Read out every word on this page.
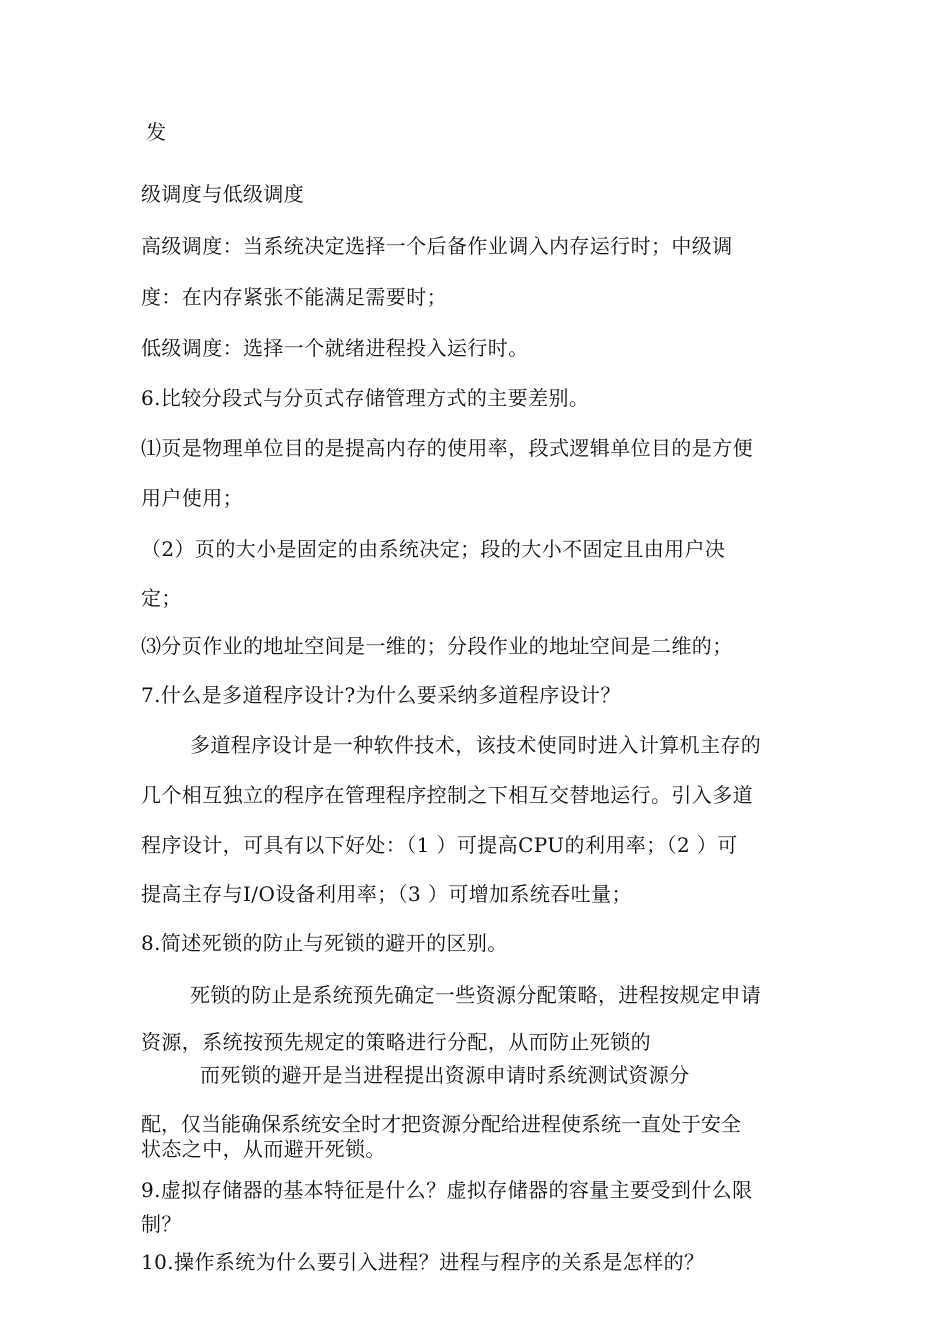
发
级调度与低级调度
高级调度：当系统决定选择一个后备作业调入内存运行时；中级调
度：在内存紧张不能满足需要时；
低级调度：选择一个就绪进程投入运行时。
6.比较分段式与分页式存储管理方式的主要差别。
⑴页是物理单位目的是提高内存的使用率，段式逻辑单位目的是方便
用户使用；
（2）页的大小是固定的由系统决定；段的大小不固定且由用户决
定；
⑶分页作业的地址空间是一维的；分段作业的地址空间是二维的；
7.什么是多道程序设计?为什么要采纳多道程序设计？
多道程序设计是一种软件技术，该技术使同时进入计算机主存的
几个相互独立的程序在管理程序控制之下相互交替地运行。引入多道
程序设计，可具有以下好处：（1 ）可提高CPU的利用率；（2 ）可
提高主存与I/O设备利用率；（3 ）可增加系统吞吐量；
8.简述死锁的防止与死锁的避开的区别。
死锁的防止是系统预先确定一些资源分配策略，进程按规定申请
资源，系统按预先规定的策略进行分配，从而防止死锁的
而死锁的避开是当进程提出资源申请时系统测试资源分
配，仅当能确保系统安全时才把资源分配给进程使系统一直处于安全
状态之中，从而避开死锁。
9.虚拟存储器的基本特征是什么？虚拟存储器的容量主要受到什么限
制？
10.操作系统为什么要引入进程？进程与程序的关系是怎样的？
